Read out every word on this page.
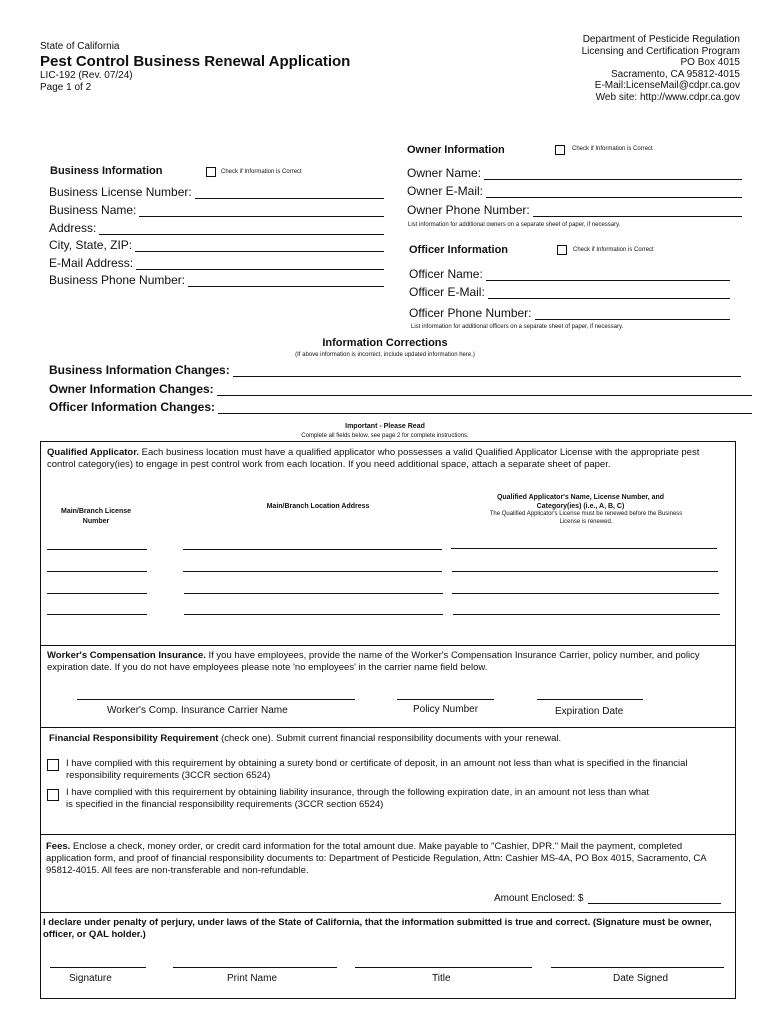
State of California
Pest Control Business Renewal Application
LIC-192 (Rev. 07/24)
Page 1 of 2
Department of Pesticide Regulation
Licensing and Certification Program
PO Box 4015
Sacramento, CA 95812-4015
E-Mail:LicenseMail@cdpr.ca.gov
Web site: http://www.cdpr.ca.gov
Owner Information	Check if Information is Correct
Owner Name:
Owner E-Mail:
Owner Phone Number:
List information for additional owners on a separate sheet of paper, if necessary.
Officer Information	Check if Information is Correct
Officer Name:
Officer E-Mail:
Officer Phone Number:
List information for additional officers on a separate sheet of paper, if necessary.
Business Information	Check if Information is Correct
Business License Number:
Business Name:
Address:
City, State, ZIP:
E-Mail Address:
Business Phone Number:
Information Corrections
(If above information is incorrect, include updated information here.)
Business Information Changes:
Owner Information Changes:
Officer Information Changes:
Important - Please Read
Complete all fields below, see page 2 for complete instructions.
Qualified Applicator. Each business location must have a qualified applicator who possesses a valid Qualified Applicator License with the appropriate pest control category(ies) to engage in pest control work from each location. If you need additional space, attach a separate sheet of paper.
Main/Branch License Number
Main/Branch Location Address
Qualified Applicator's Name, License Number, and Category(ies) (i.e., A, B, C)
The Qualified Applicator's License must be renewed before the Business License is renewed.
Worker's Compensation Insurance. If you have employees, provide the name of the Worker's Compensation Insurance Carrier, policy number, and policy expiration date. If you do not have employees please note 'no employees' in the carrier name field below.
Worker's Comp. Insurance Carrier Name	Policy Number	Expiration Date
Financial Responsibility Requirement (check one). Submit current financial responsibility documents with your renewal.
I have complied with this requirement by obtaining a surety bond or certificate of deposit, in an amount not less than what is specified in the financial responsibility requirements (3CCR section 6524)
I have complied with this requirement by obtaining liability insurance, through the following expiration date, in an amount not less than what is specified in the financial responsibility requirements (3CCR section 6524)
Fees. Enclose a check, money order, or credit card information for the total amount due. Make payable to "Cashier, DPR." Mail the payment, completed application form, and proof of financial responsibility documents to: Department of Pesticide Regulation, Attn: Cashier MS-4A, PO Box 4015, Sacramento, CA 95812-4015. All fees are non-transferable and non-refundable.
Amount Enclosed: $
I declare under penalty of perjury, under laws of the State of California, that the information submitted is true and correct. (Signature must be owner, officer, or QAL holder.)
Signature	Print Name	Title	Date Signed
